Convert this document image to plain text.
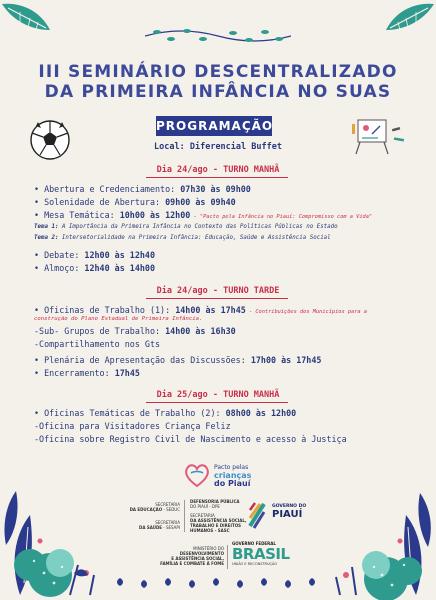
III SEMINÁRIO DESCENTRALIZADO
DA PRIMEIRA INFÂNCIA NO SUAS
PROGRAMAÇÃO
Local: Diferencial Buffet
Dia 24/ago - TURNO MANHÃ
• Abertura e Credenciamento: 07h30 às 09h00
• Solenidade de Abertura: 09h00 às 09h40
• Mesa Temática: 10h00 às 12h00 - "Pacto pela Infância no Piauí: Compromisso com a Vida"
Tema 1: A Importância da Primeira Infância no Contexto das Políticas Públicas no Estado
Tema 2: Intersetorialidade na Primeira Infância: Educação, Saúde e Assistência Social
• Debate: 12h00 às 12h40
• Almoço: 12h40 às 14h00
Dia 24/ago - TURNO TARDE
• Oficinas de Trabalho (1): 14h00 às 17h45 - Contribuições dos Municípios para a
construção do Plano Estadual de Primeira Infância.
-Sub- Grupos de Trabalho: 14h00 às 16h30
-Compartilhamento nos Gts
• Plenária de Apresentação das Discussões: 17h00 às 17h45
• Encerramento: 17h45
Dia 25/ago - TURNO MANHÃ
• Oficinas Temáticas de Trabalho (2): 08h00 às 12h00
-Oficina para Visitadores Criança Feliz
-Oficina sobre Registro Civil de Nascimento e acesso à Justiça
Pacto pelas
crianças
do Piauí
SECRETARIA
DA EDUCAÇÃO - SEDUC
SECRETARIA
DA SAÚDE - SESAPI
DEFENSORIA PÚBLICA
DO PIAUÍ - DPE
SECRETARIA
DA ASSISTÊNCIA SOCIAL,
TRABALHO E DIREITOS
HUMANOS - SASC
GOVERNO DO
PIAUÍ
MINISTÉRIO DO
DESENVOLVIMENTO
E ASSISTÊNCIA SOCIAL,
FAMÍLIA E COMBATE À FOME
GOVERNO FEDERAL
BRASIL
UNIÃO E RECONSTRUÇÃO
